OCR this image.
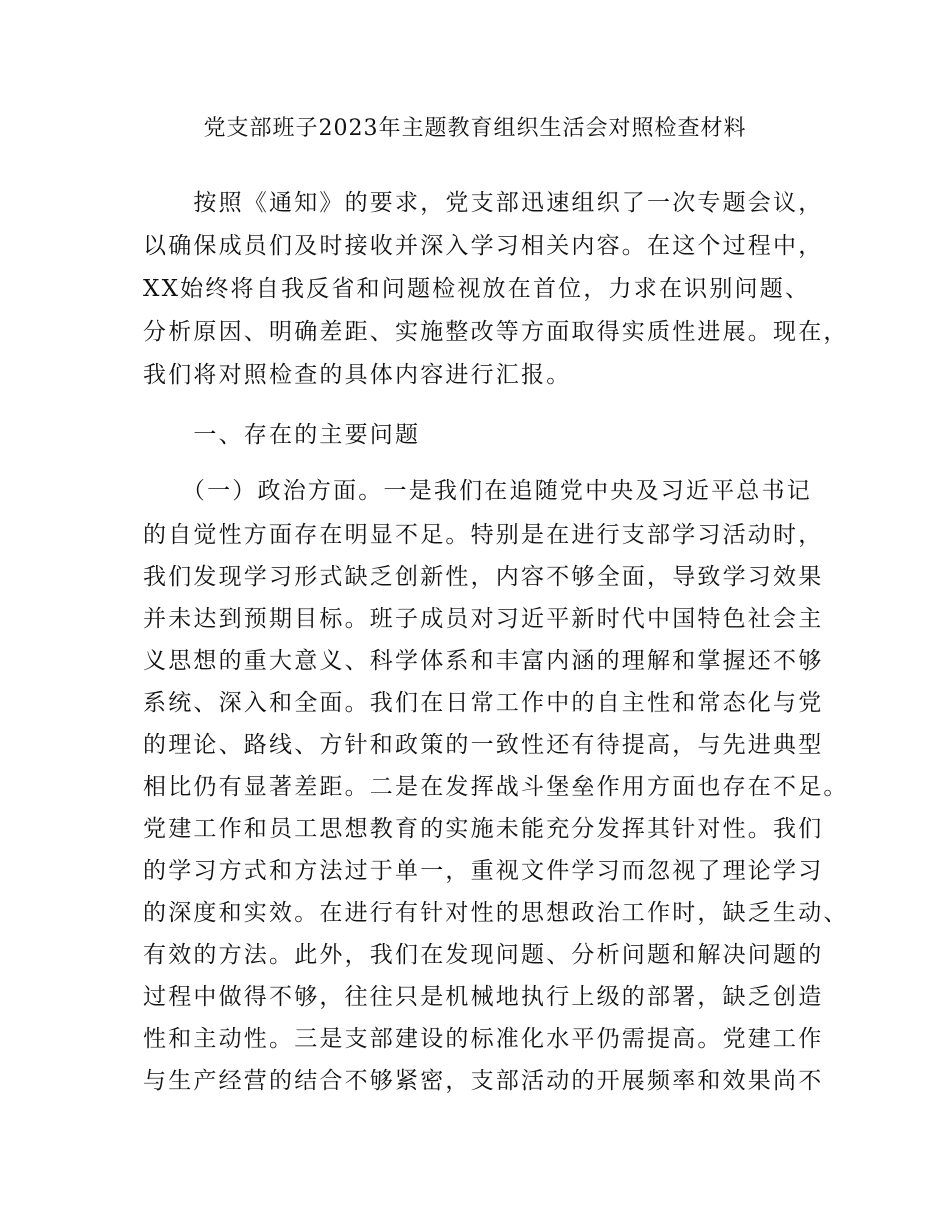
党支部班子2023年主题教育组织生活会对照检查材料
　　按照《通知》的要求，党支部迅速组织了一次专题会议，
以确保成员们及时接收并深入学习相关内容。在这个过程中，
XX始终将自我反省和问题检视放在首位，力求在识别问题、
分析原因、明确差距、实施整改等方面取得实质性进展。现在，
我们将对照检查的具体内容进行汇报。
　　一、存在的主要问题
　　（一）政治方面。一是我们在追随党中央及习近平总书记
的自觉性方面存在明显不足。特别是在进行支部学习活动时，
我们发现学习形式缺乏创新性，内容不够全面，导致学习效果
并未达到预期目标。班子成员对习近平新时代中国特色社会主
义思想的重大意义、科学体系和丰富内涵的理解和掌握还不够
系统、深入和全面。我们在日常工作中的自主性和常态化与党
的理论、路线、方针和政策的一致性还有待提高，与先进典型
相比仍有显著差距。二是在发挥战斗堡垒作用方面也存在不足。
党建工作和员工思想教育的实施未能充分发挥其针对性。我们
的学习方式和方法过于单一，重视文件学习而忽视了理论学习
的深度和实效。在进行有针对性的思想政治工作时，缺乏生动、
有效的方法。此外，我们在发现问题、分析问题和解决问题的
过程中做得不够，往往只是机械地执行上级的部署，缺乏创造
性和主动性。三是支部建设的标准化水平仍需提高。党建工作
与生产经营的结合不够紧密，支部活动的开展频率和效果尚不
